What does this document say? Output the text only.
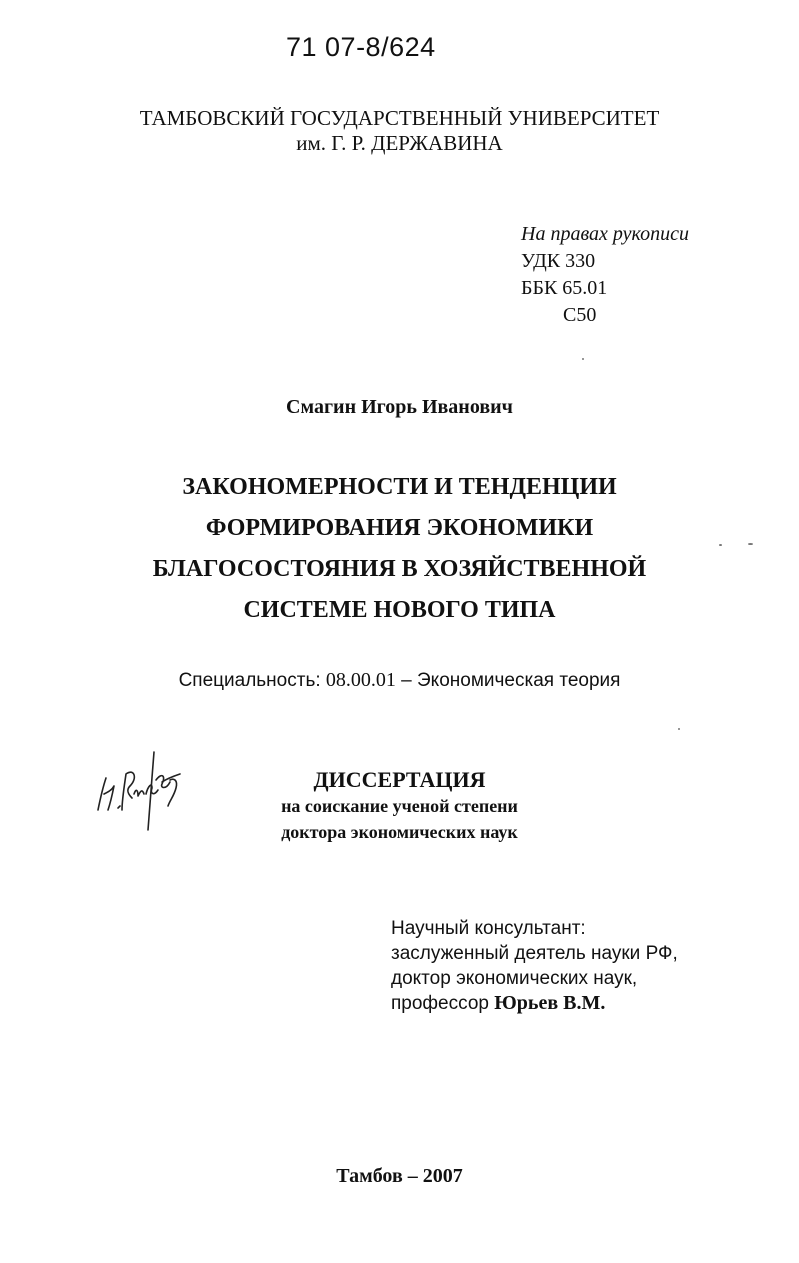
71 07-8/624
ТАМБОВСКИЙ ГОСУДАРСТВЕННЫЙ УНИВЕРСИТЕТ
им. Г. Р. ДЕРЖАВИНА
На правах рукописи
УДК 330
ББК 65.01
С50
Смагин Игорь Иванович
ЗАКОНОМЕРНОСТИ И ТЕНДЕНЦИИ
ФОРМИРОВАНИЯ ЭКОНОМИКИ
БЛАГОСОСТОЯНИЯ В ХОЗЯЙСТВЕННОЙ
СИСТЕМЕ НОВОГО ТИПА
Специальность: 08.00.01 – Экономическая теория
ДИССЕРТАЦИЯ
на соискание ученой степени
доктора экономических наук
Научный консультант:
заслуженный деятель науки РФ,
доктор экономических наук,
профессор Юрьев В.М.
Тамбов – 2007
